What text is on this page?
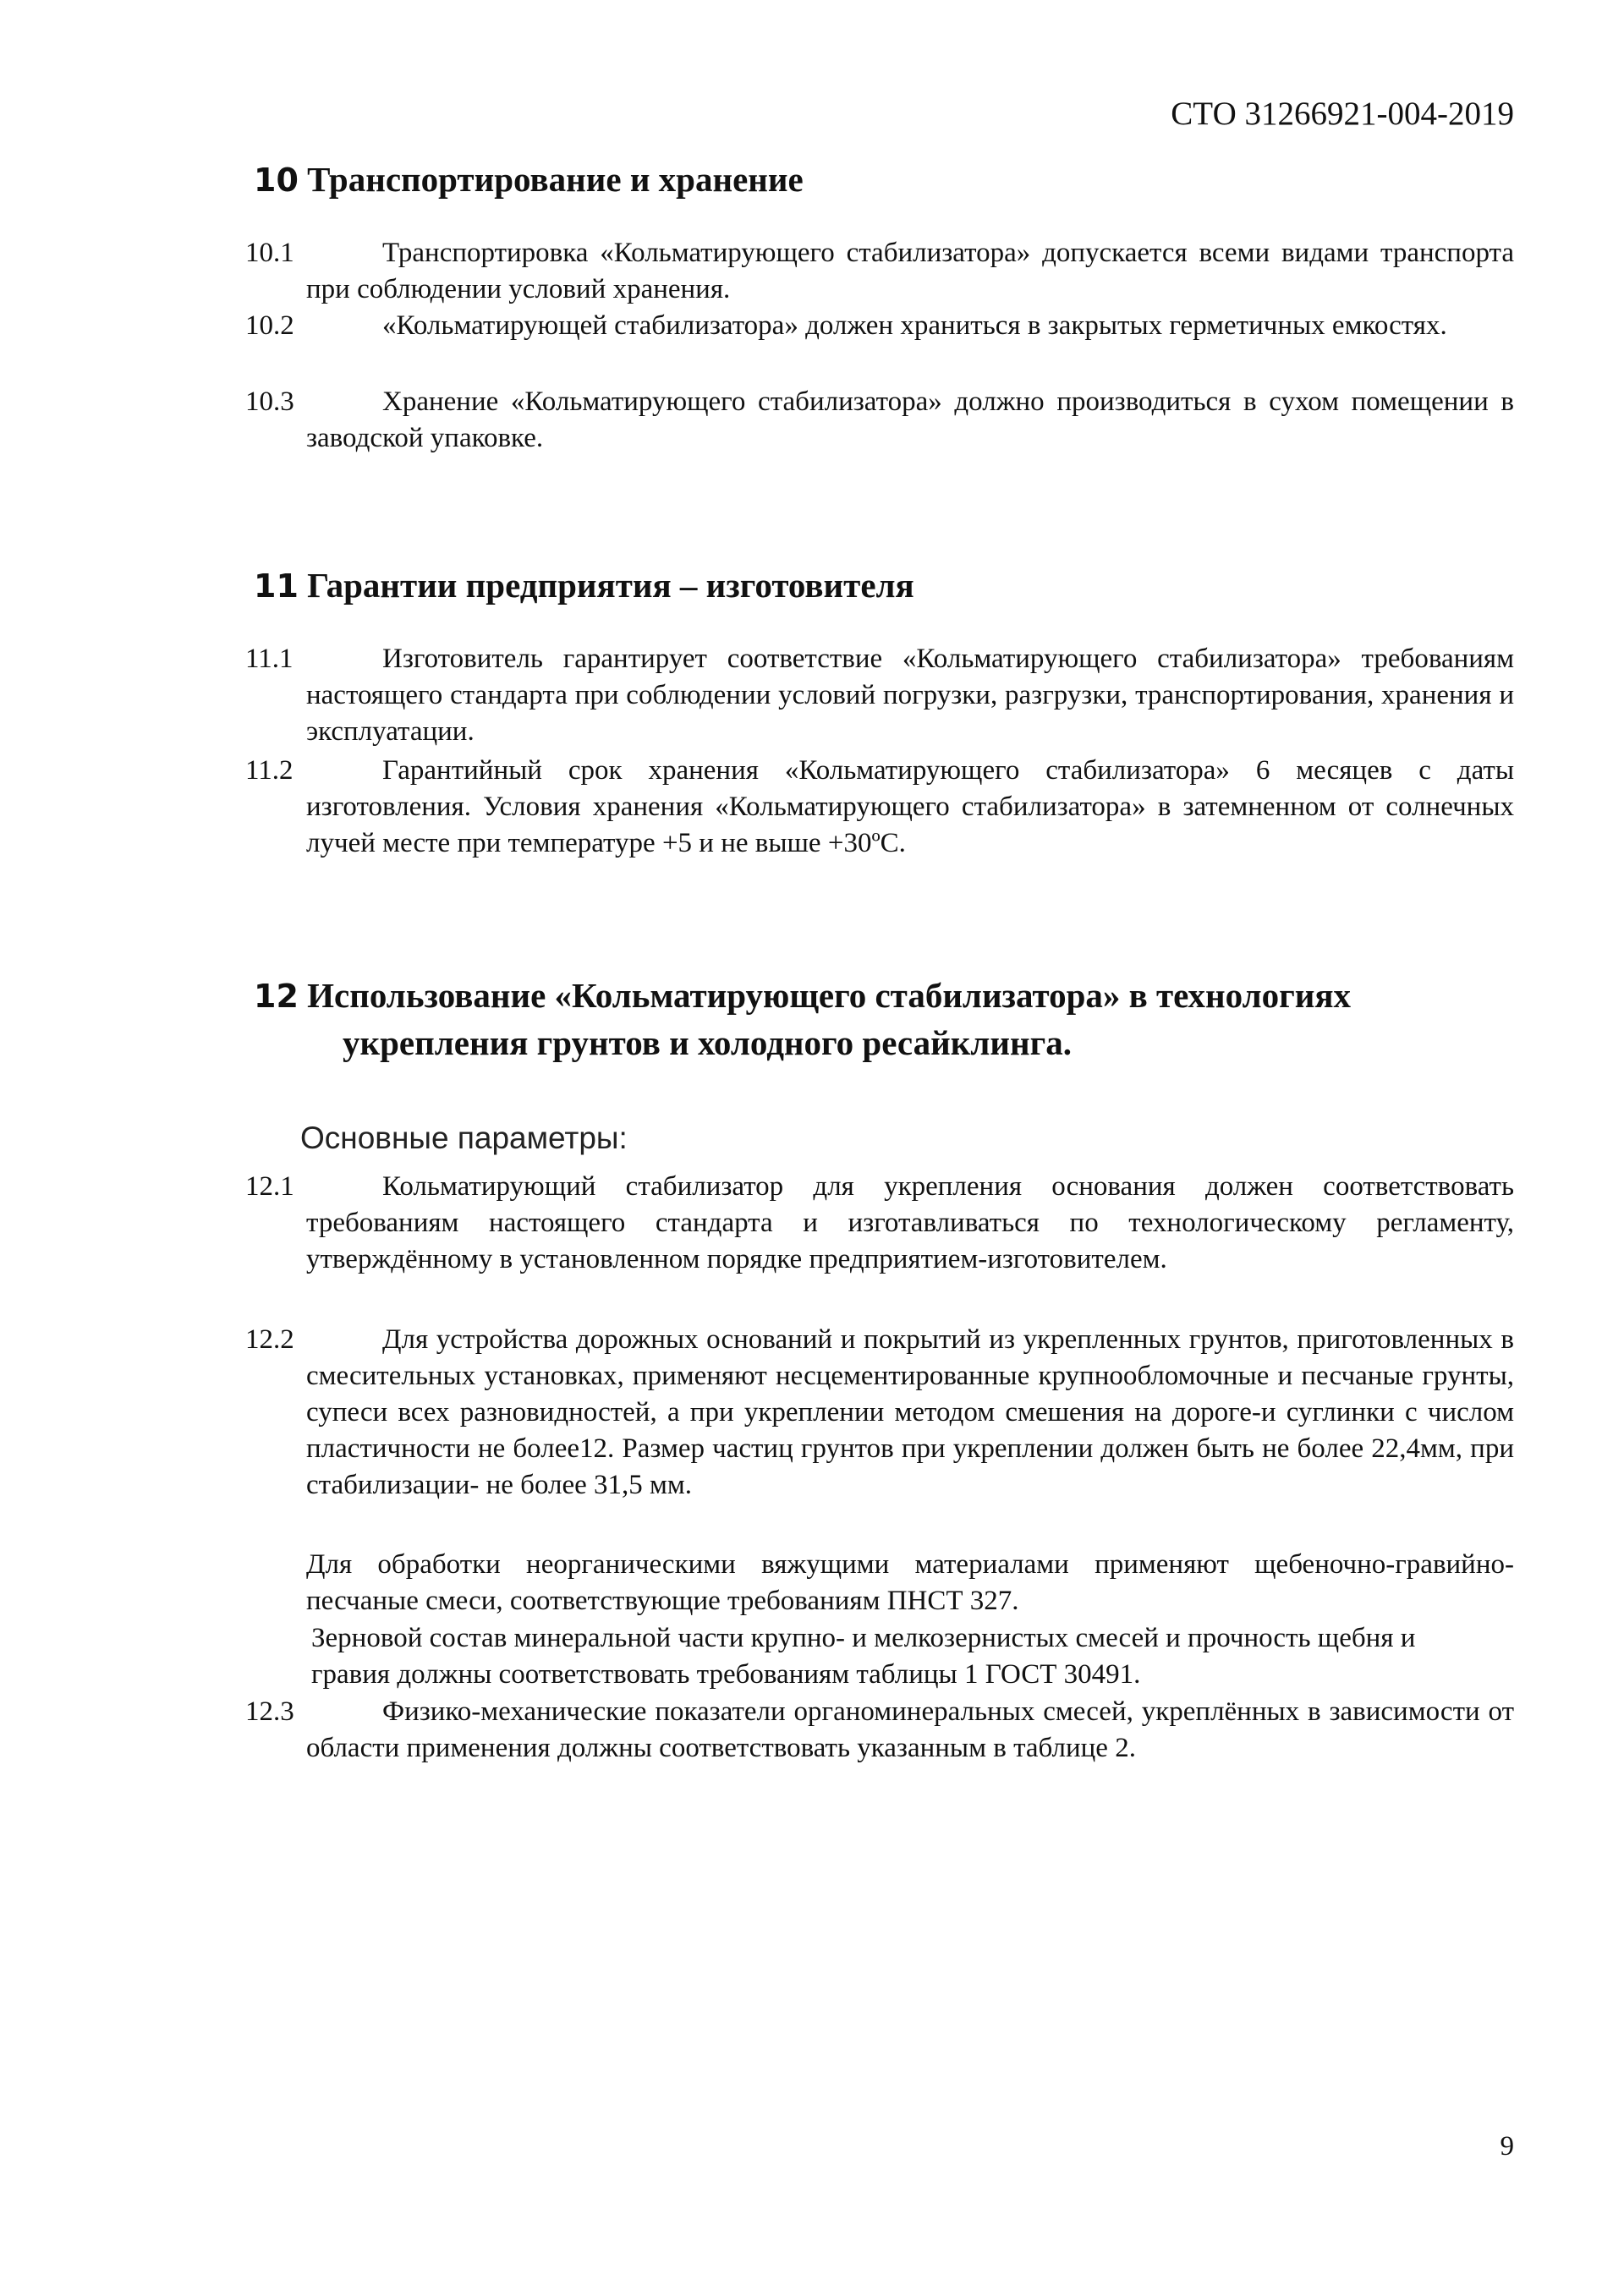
СТО 31266921-004-2019
10 Транспортирование и хранение
10.1	Транспортировка «Кольматирующего стабилизатора» допускается всеми видами транспорта при соблюдении условий хранения.
10.2	«Кольматирующей стабилизатора» должен храниться в закрытых герметичных емкостях.
10.3	Хранение «Кольматирующего стабилизатора» должно производиться в сухом помещении в заводской упаковке.
11 Гарантии предприятия – изготовителя
11.1	Изготовитель гарантирует соответствие «Кольматирующего стабилизатора» требованиям настоящего стандарта при соблюдении условий погрузки, разгрузки, транспортирования, хранения и эксплуатации.
11.2	Гарантийный срок хранения «Кольматирующего стабилизатора» 6 месяцев с даты изготовления. Условия хранения «Кольматирующего стабилизатора» в затемненном от солнечных лучей месте при температуре +5 и не выше +30ºС.
12 Использование «Кольматирующего стабилизатора» в технологиях
укрепления грунтов и холодного ресайклинга.
Основные параметры:
12.1	Кольматирующий стабилизатор для укрепления основания должен соответствовать требованиям настоящего стандарта и изготавливаться по технологическому регламенту, утверждённому в установленном порядке предприятием-изготовителем.
12.2	Для устройства дорожных оснований и покрытий из укрепленных грунтов, приготовленных в смесительных установках, применяют несцементированные крупнообломочные и песчаные грунты, супеси всех разновидностей, а при укреплении методом смешения на дороге-и суглинки с числом пластичности не более12. Размер частиц грунтов при укреплении должен быть не более 22,4мм, при стабилизации- не более 31,5 мм.
Для обработки неорганическими вяжущими материалами применяют щебеночно-гравийно-песчаные смеси, соответствующие требованиям ПНСТ 327.
Зерновой состав минеральной части крупно- и мелкозернистых смесей и прочность щебня и гравия должны соответствовать требованиям таблицы 1 ГОСТ 30491.
12.3	Физико-механические показатели органоминеральных смесей, укреплённых в зависимости от области применения должны соответствовать указанным в таблице 2.
9
